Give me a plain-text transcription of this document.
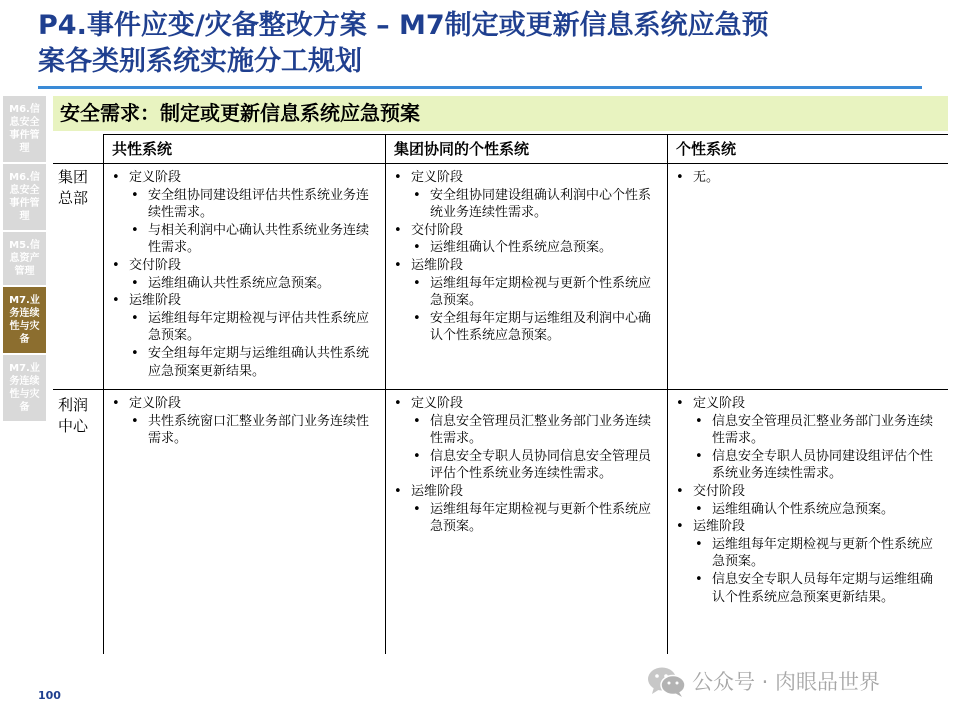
P4.事件应变/灾备整改方案 – M7制定或更新信息系统应急预
案各类别系统实施分工规划
M6.信息安全事件管理
M6.信息安全事件管理
M5.信息资产管理
M7.业务连续性与灾备
M7.业务连续性与灾备
安全需求：制定或更新信息系统应急预案
共性系统	集团协同的个性系统	个性系统
集团总部
利润中心
• 定义阶段
• 安全组协同建设组评估共性系统业务连续性需求。
• 与相关利润中心确认共性系统业务连续性需求。
• 交付阶段
• 运维组确认共性系统应急预案。
• 运维阶段
• 运维组每年定期检视与评估共性系统应急预案。
• 安全组每年定期与运维组确认共性系统应急预案更新结果。
• 定义阶段
• 安全组协同建设组确认利润中心个性系统业务连续性需求。
• 交付阶段
• 运维组确认个性系统应急预案。
• 运维阶段
• 运维组每年定期检视与更新个性系统应急预案。
• 安全组每年定期与运维组及利润中心确认个性系统应急预案。
• 无。
• 定义阶段
• 共性系统窗口汇整业务部门业务连续性需求。
• 定义阶段
• 信息安全管理员汇整业务部门业务连续性需求。
• 信息安全专职人员协同信息安全管理员评估个性系统业务连续性需求。
• 运维阶段
• 运维组每年定期检视与更新个性系统应急预案。
• 定义阶段
• 信息安全管理员汇整业务部门业务连续性需求。
• 信息安全专职人员协同建设组评估个性系统业务连续性需求。
• 交付阶段
• 运维组确认个性系统应急预案。
• 运维阶段
• 运维组每年定期检视与更新个性系统应急预案。
• 信息安全专职人员每年定期与运维组确认个性系统应急预案更新结果。
100
公众号 · 肉眼品世界
